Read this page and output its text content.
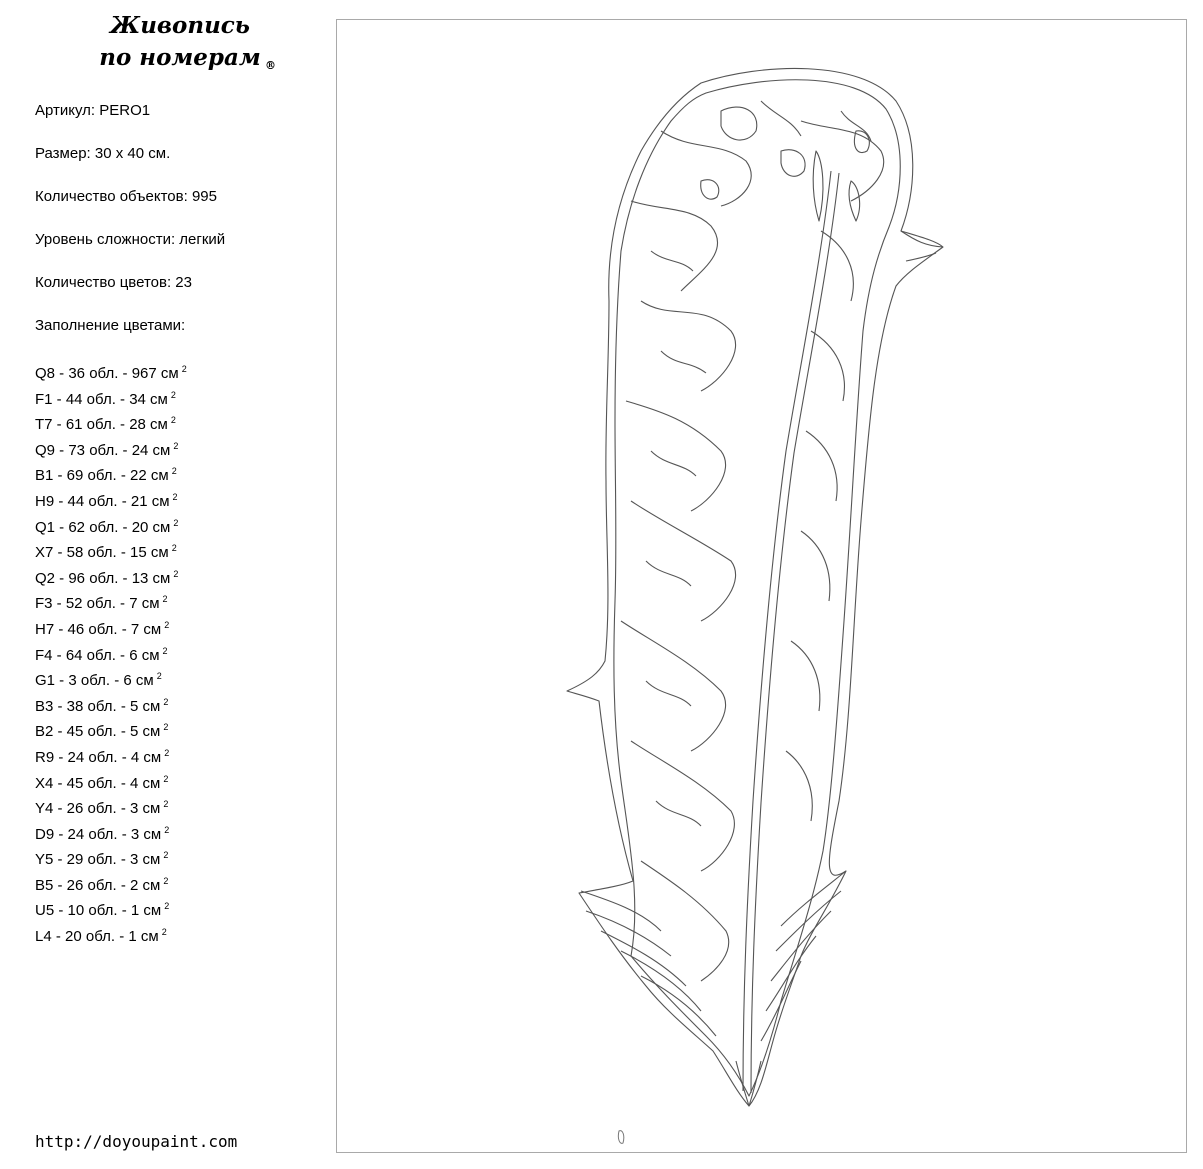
Живопись
по номерам ®

Артикул: PERO1

Размер: 30 х 40 см.

Количество объектов: 995

Уровень сложности: легкий

Количество цветов: 23

Заполнение цветами:

Q8 - 36 обл. - 967 см $^2$
F1 - 44 обл. - 34 см $^2$
T7 - 61 обл. - 28 см $^2$
Q9 - 73 обл. - 24 см $^2$
B1 - 69 обл. - 22 см $^2$
H9 - 44 обл. - 21 см $^2$
Q1 - 62 обл. - 20 см $^2$
X7 - 58 обл. - 15 см $^2$
Q2 - 96 обл. - 13 см $^2$
F3 - 52 обл. - 7 см $^2$
H7 - 46 обл. - 7 см $^2$
F4 - 64 обл. - 6 см $^2$
G1 - 3 обл. - 6 см $^2$
B3 - 38 обл. - 5 см $^2$
B2 - 45 обл. - 5 см $^2$
R9 - 24 обл. - 4 см $^2$
X4 - 45 обл. - 4 см $^2$
Y4 - 26 обл. - 3 см $^2$
D9 - 24 обл. - 3 см $^2$
Y5 - 29 обл. - 3 см $^2$
B5 - 26 обл. - 2 см $^2$
U5 - 10 обл. - 1 см $^2$
L4 - 20 обл. - 1 см $^2$
http://doyoupaint.com
